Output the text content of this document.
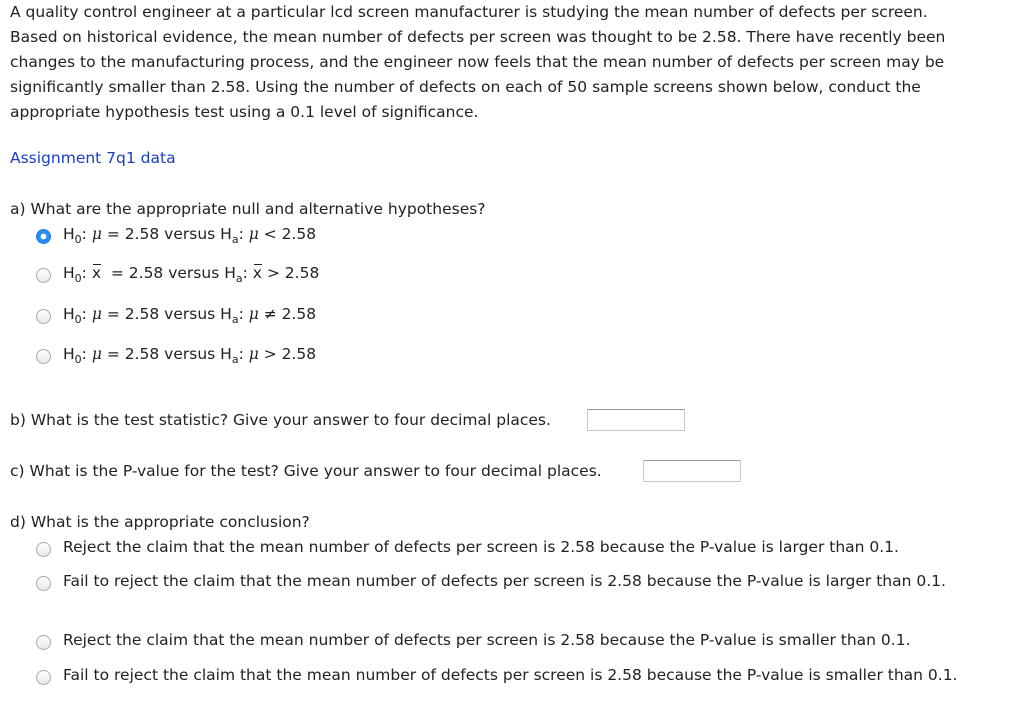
A quality control engineer at a particular lcd screen manufacturer is studying the mean number of defects per screen.
Based on historical evidence, the mean number of defects per screen was thought to be 2.58. There have recently been
changes to the manufacturing process, and the engineer now feels that the mean number of defects per screen may be
significantly smaller than 2.58. Using the number of defects on each of 50 sample screens shown below, conduct the
appropriate hypothesis test using a 0.1 level of significance.
Assignment 7q1 data
a) What are the appropriate null and alternative hypotheses?
$H_0$: μ = 2.58 versus $H_a$: μ < 2.58
$H_0$: x  = 2.58 versus $H_a$: x > 2.58
$H_0$: μ = 2.58 versus $H_a$: μ ≠ 2.58
$H_0$: μ = 2.58 versus $H_a$: μ > 2.58
b) What is the test statistic? Give your answer to four decimal places.
c) What is the P-value for the test? Give your answer to four decimal places.
d) What is the appropriate conclusion?
Reject the claim that the mean number of defects per screen is 2.58 because the P-value is larger than 0.1.
Fail to reject the claim that the mean number of defects per screen is 2.58 because the P-value is larger than 0.1.
Reject the claim that the mean number of defects per screen is 2.58 because the P-value is smaller than 0.1.
Fail to reject the claim that the mean number of defects per screen is 2.58 because the P-value is smaller than 0.1.
